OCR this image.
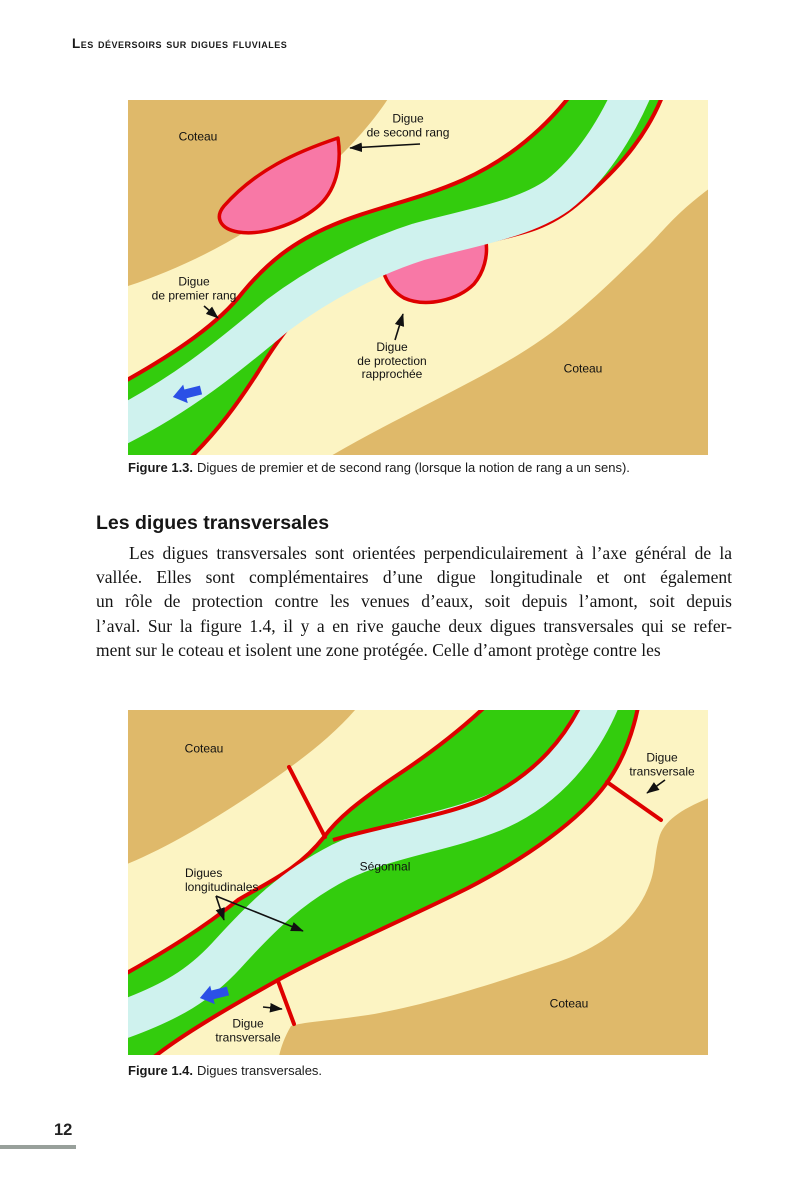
Les déversoirs sur digues fluviales
Coteau
Digue
de second rang
Digue
de premier rang
Digue
de protection
rapprochée	Coteau
Figure 1.3. Digues de premier et de second rang (lorsque la notion de rang a un sens).
Les digues transversales
Les digues transversales sont orientées perpendiculairement à l’axe général de la
vallée. Elles sont complémentaires d’une digue longitudinale et ont également
un rôle de protection contre les venues d’eaux, soit depuis l’amont, soit depuis
l’aval. Sur la figure 1.4, il y a en rive gauche deux digues transversales qui se refer-
ment sur le coteau et isolent une zone protégée. Celle d’amont protège contre les
Coteau
Digue
transversale
Digues
longitudinales
Ségonnal
Coteau
Digue
transversale
Figure 1.4. Digues transversales.
12
